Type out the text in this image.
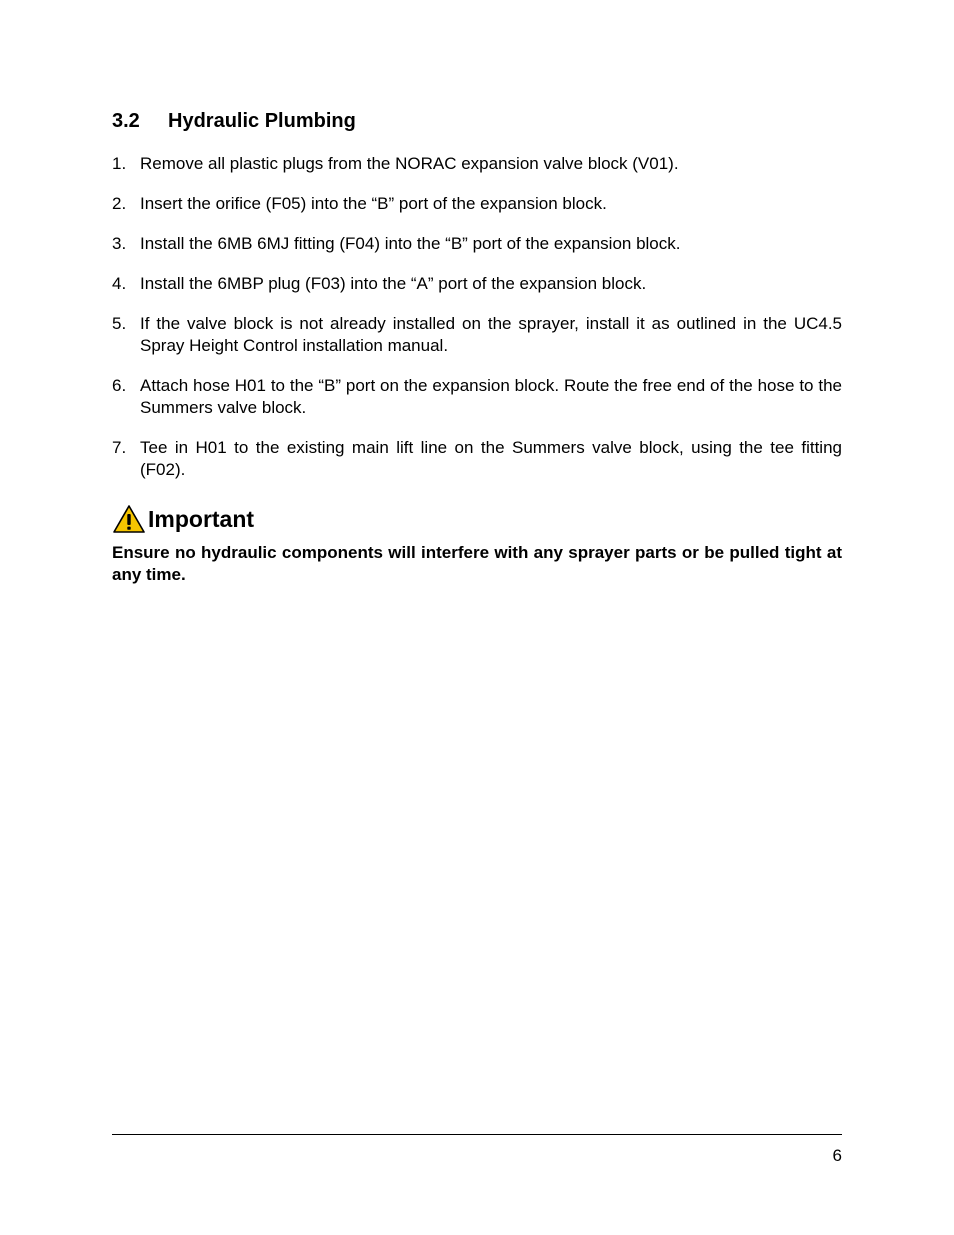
3.2	Hydraulic Plumbing
1. Remove all plastic plugs from the NORAC expansion valve block (V01).
2. Insert the orifice (F05) into the “B” port of the expansion block.
3. Install the 6MB 6MJ fitting (F04) into the “B” port of the expansion block.
4. Install the 6MBP plug (F03) into the “A” port of the expansion block.
5. If the valve block is not already installed on the sprayer, install it as outlined in the UC4.5 Spray Height Control installation manual.
6. Attach hose H01 to the “B” port on the expansion block. Route the free end of the hose to the Summers valve block.
7. Tee in H01 to the existing main lift line on the Summers valve block, using the tee fitting (F02).
Important
Ensure no hydraulic components will interfere with any sprayer parts or be pulled tight at any time.
6
